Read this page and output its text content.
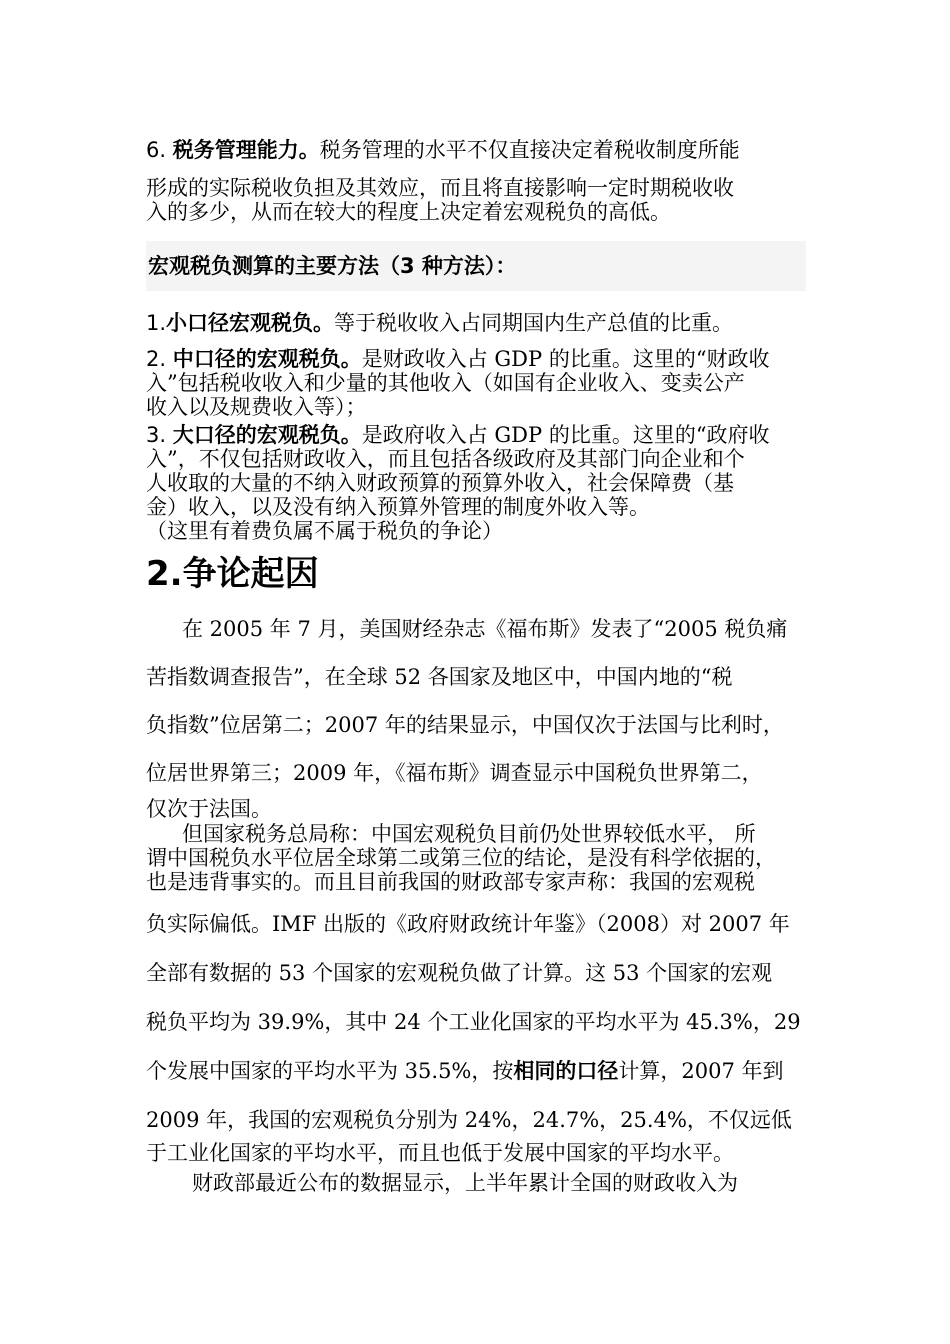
6. 税务管理能力。税务管理的水平不仅直接决定着税收制度所能
形成的实际税收负担及其效应，而且将直接影响一定时期税收收
入的多少，从而在较大的程度上决定着宏观税负的高低。
宏观税负测算的主要方法（3 种方法）：
1.小口径宏观税负。等于税收收入占同期国内生产总值的比重。
2. 中口径的宏观税负。是财政收入占 GDP 的比重。这里的“财政收
入”包括税收收入和少量的其他收入（如国有企业收入、变卖公产
收入以及规费收入等）；
3. 大口径的宏观税负。是政府收入占 GDP 的比重。这里的“政府收
入”，不仅包括财政收入，而且包括各级政府及其部门向企业和个
人收取的大量的不纳入财政预算的预算外收入，社会保障费（基
金）收入，以及没有纳入预算外管理的制度外收入等。
（这里有着费负属不属于税负的争论）
2.争论起因
在 2005 年 7 月，美国财经杂志《福布斯》发表了“2005 税负痛
苦指数调查报告”，在全球 52 各国家及地区中，中国内地的“税
负指数”位居第二；2007 年的结果显示，中国仅次于法国与比利时，
位居世界第三；2009 年，《福布斯》调查显示中国税负世界第二，
仅次于法国。
但国家税务总局称：中国宏观税负目前仍处世界较低水平， 所
谓中国税负水平位居全球第二或第三位的结论，是没有科学依据的，
也是违背事实的。而且目前我国的财政部专家声称：我国的宏观税
负实际偏低。IMF 出版的《政府财政统计年鉴》（2008）对 2007 年
全部有数据的 53 个国家的宏观税负做了计算。这 53 个国家的宏观
税负平均为 39.9%，其中 24 个工业化国家的平均水平为 45.3%，29
个发展中国家的平均水平为 35.5%，按相同的口径计算，2007 年到
2009 年，我国的宏观税负分别为 24%，24.7%，25.4%，不仅远低
于工业化国家的平均水平，而且也低于发展中国家的平均水平。
财政部最近公布的数据显示，上半年累计全国的财政收入为
